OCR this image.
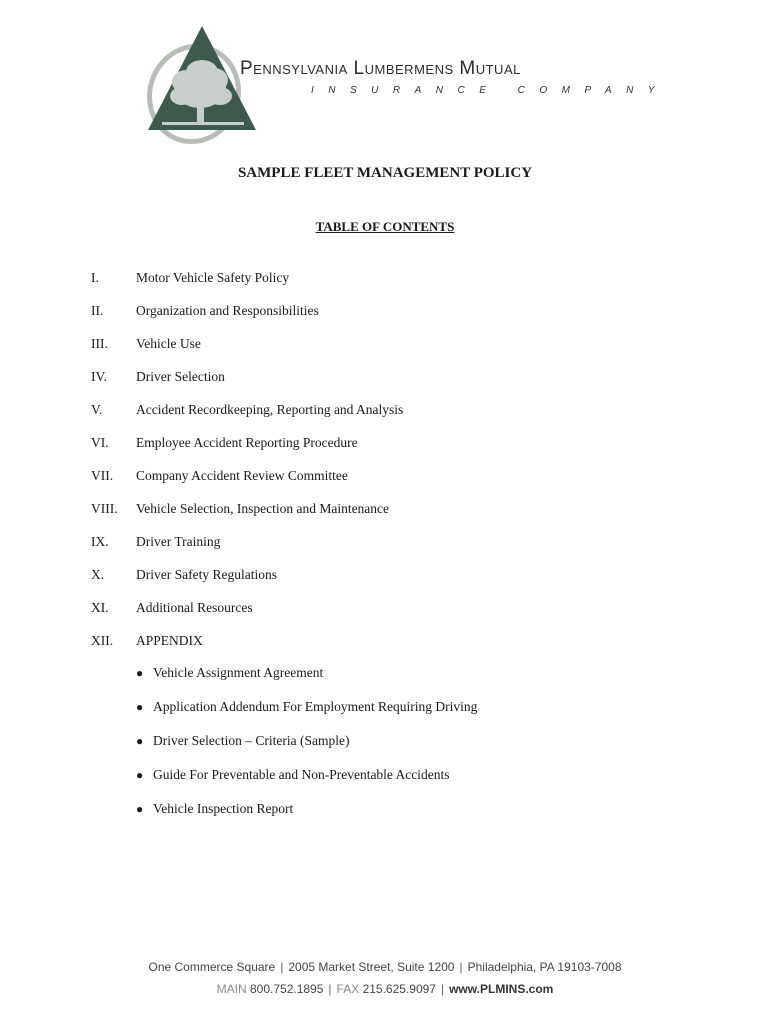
Pennsylvania Lumbermens Mutual
INSURANCE COMPANY
SAMPLE FLEET MANAGEMENT POLICY
TABLE OF CONTENTS
I.	Motor Vehicle Safety Policy
II. Organization and Responsibilities
III. Vehicle Use
IV. Driver Selection
V. Accident Recordkeeping, Reporting and Analysis
VI. Employee Accident Reporting Procedure
VII. Company Accident Review Committee
VIII. Vehicle Selection, Inspection and Maintenance
IX. Driver Training
X. Driver Safety Regulations
XI. Additional Resources
XII. APPENDIX
● Vehicle Assignment Agreement
● Application Addendum For Employment Requiring Driving
● Driver Selection – Criteria (Sample)
● Guide For Preventable and Non-Preventable Accidents
● Vehicle Inspection Report
One Commerce Square | 2005 Market Street, Suite 1200 | Philadelphia, PA 19103-7008
MAIN 800.752.1895 | FAX 215.625.9097 | www.PLMINS.com
